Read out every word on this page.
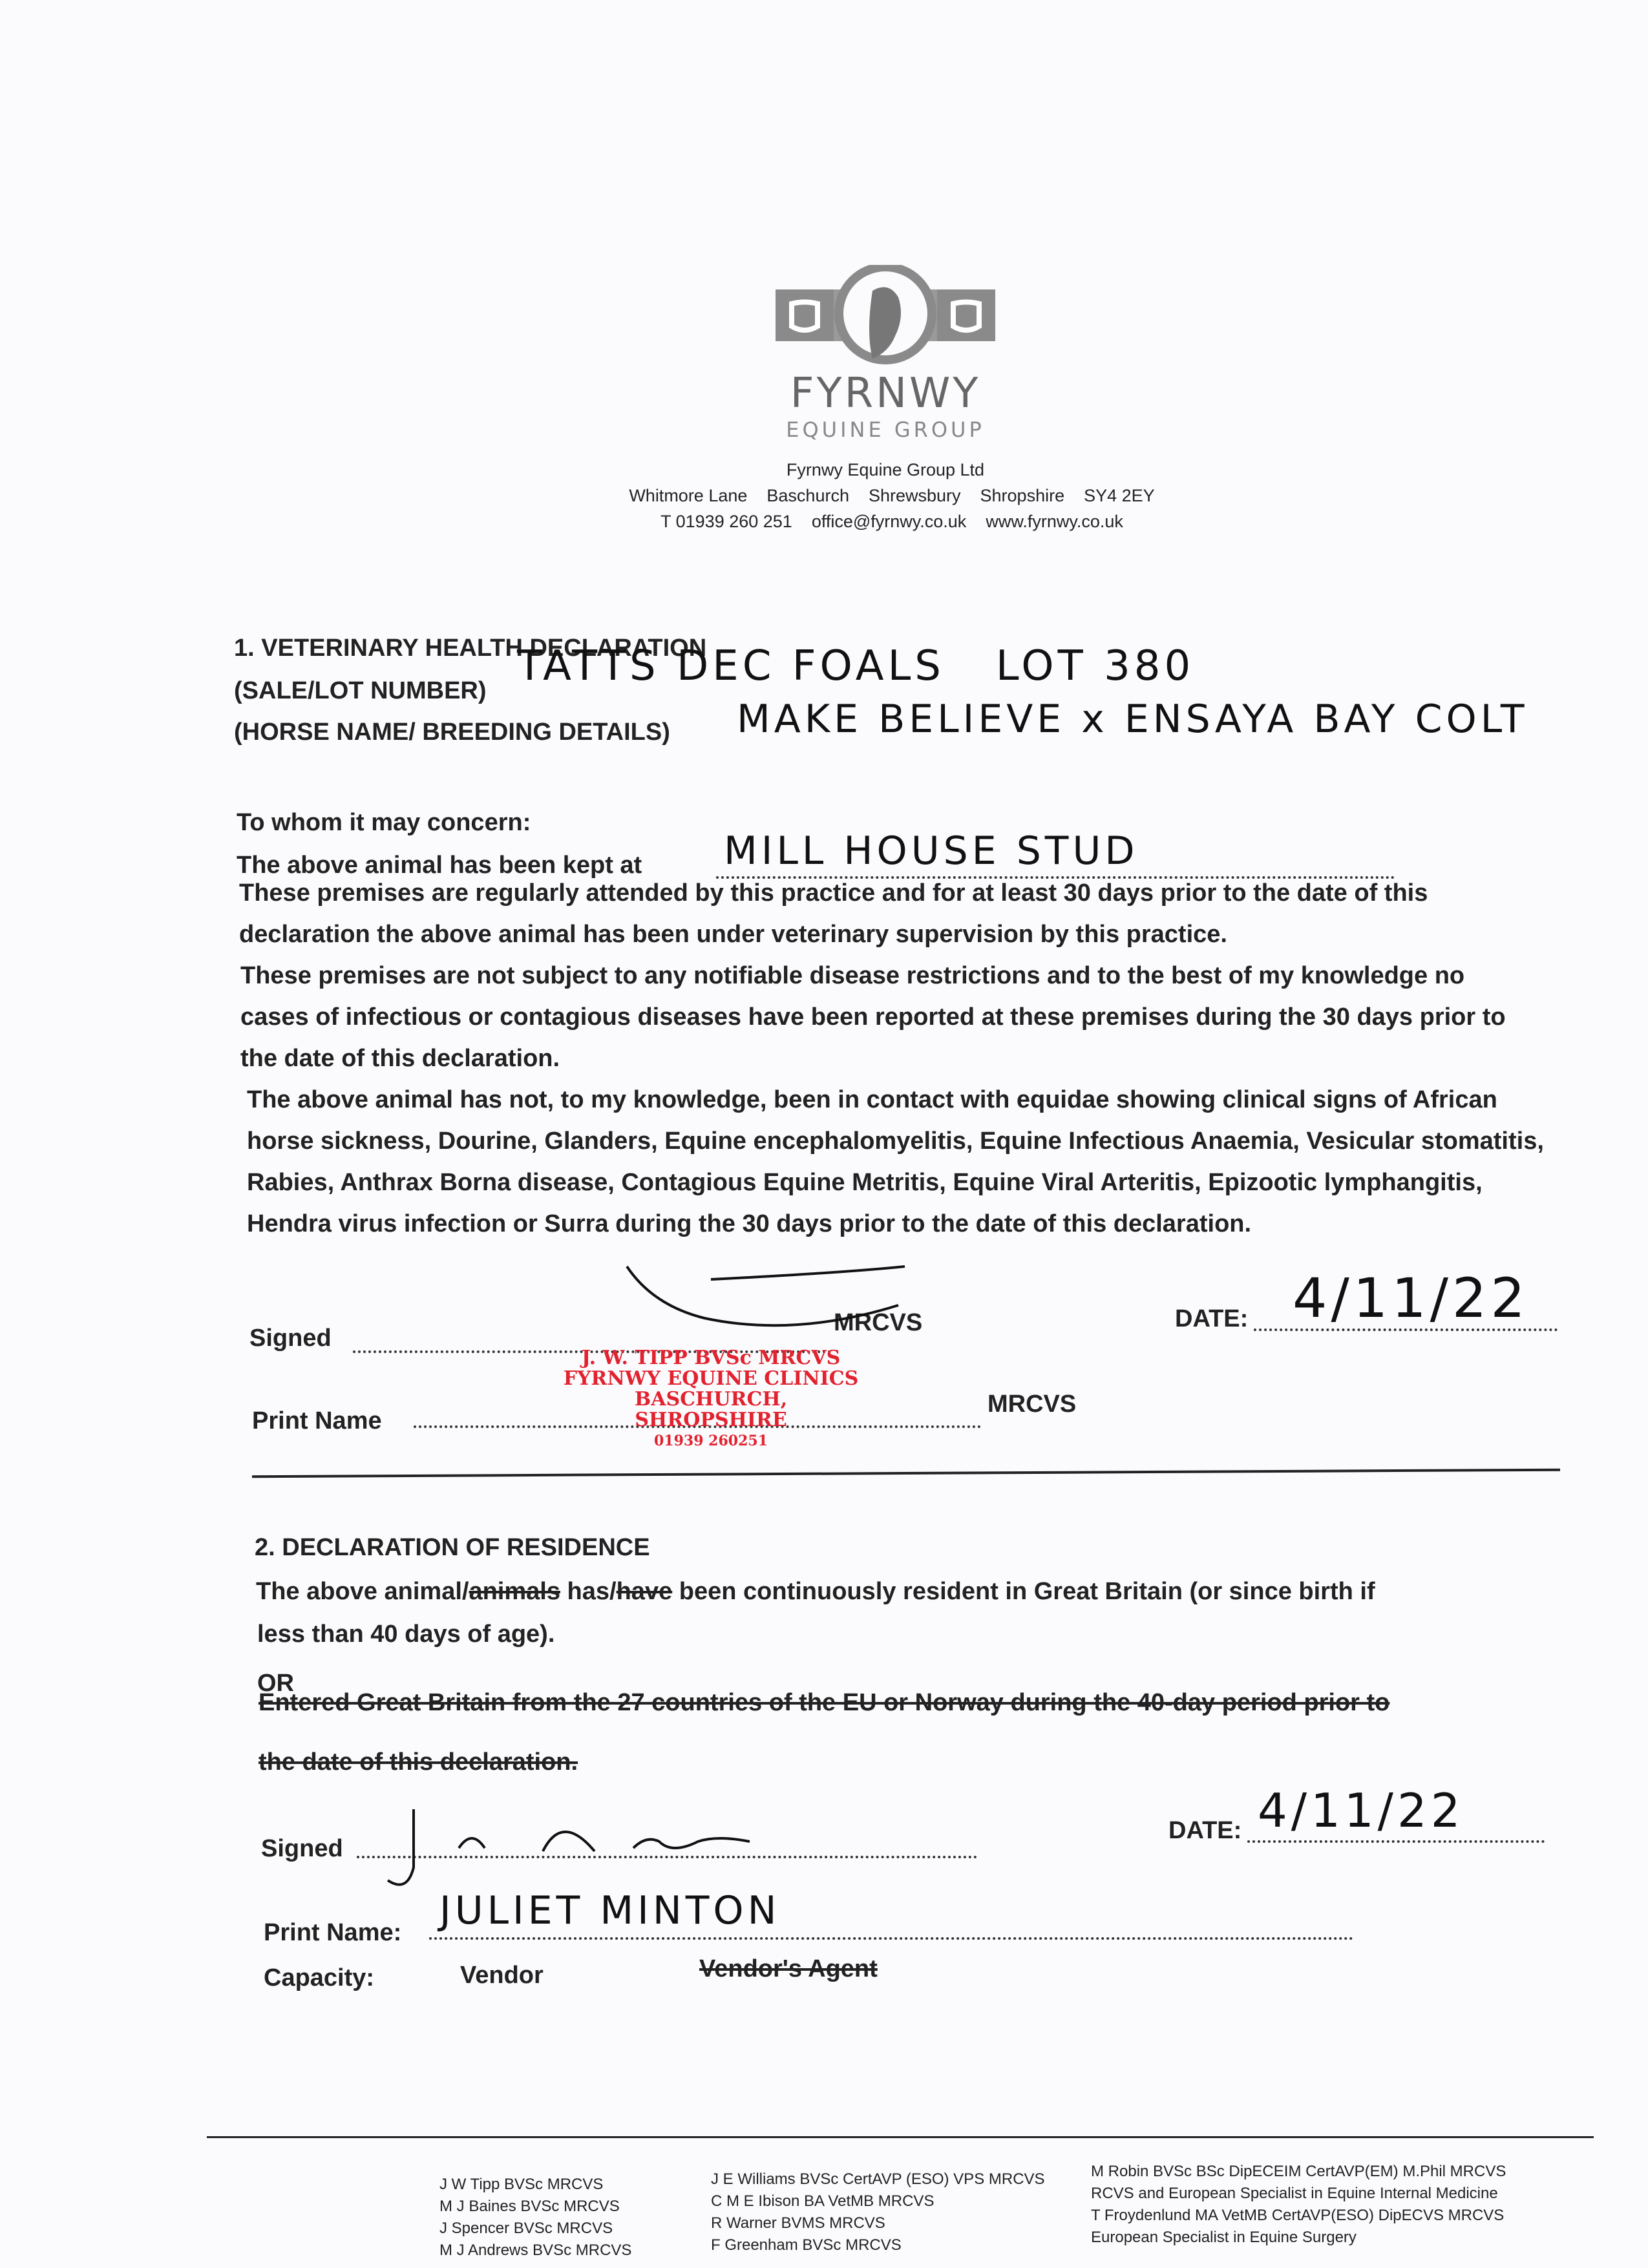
FYRNWY
EQUINE GROUP
Fyrnwy Equine Group Ltd
Whitmore Lane    Baschurch    Shrewsbury    Shropshire    SY4 2EY
T 01939 260 251    office@fyrnwy.co.uk    www.fyrnwy.co.uk
1. VETERINARY HEALTH DECLARATION
(SALE/LOT NUMBER)
TATTS DEC FOALS   LOT 380
(HORSE NAME/ BREEDING DETAILS) MAKE BELIEVE x ENSAYA BAY COLT
To whom it may concern:
The above animal has been kept at MILL HOUSE STUD
These premises are regularly attended by this practice and for at least 30 days prior to the date of this declaration the above animal has been under veterinary supervision by this practice.
These premises are not subject to any notifiable disease restrictions and to the best of my knowledge no cases of infectious or contagious diseases have been reported at these premises during the 30 days prior to the date of this declaration.
The above animal has not, to my knowledge, been in contact with equidae showing clinical signs of African horse sickness, Dourine, Glanders, Equine encephalomyelitis, Equine Infectious Anaemia, Vesicular stomatitis, Rabies, Anthrax Borna disease, Contagious Equine Metritis, Equine Viral Arteritis, Epizootic lymphangitis, Hendra virus infection or Surra during the 30 days prior to the date of this declaration.
Signed
MRCVS	DATE: 4/11/22
Print Name
MRCVS
J. W. TIPP BVSc MRCVS
FYRNWY EQUINE CLINICS
BASCHURCH, SHROPSHIRE
01939 260251
2. DECLARATION OF RESIDENCE
The above animal/animals has/have been continuously resident in Great Britain (or since birth if
less than 40 days of age).
OR
Entered Great Britain from the 27 countries of the EU or Norway during the 40-day period prior to
the date of this declaration.
Signed
DATE: 4/11/22
Print Name: JULIET MINTON
Capacity:	Vendor	Vendor's Agent
J W Tipp BVSc MRCVS
M J Baines BVSc MRCVS
J Spencer BVSc MRCVS
M J Andrews BVSc MRCVS
J E Williams BVSc CertAVP (ESO) VPS MRCVS
C M E Ibison BA VetMB MRCVS
R Warner BVMS MRCVS
F Greenham BVSc MRCVS
M Robin BVSc BSc DipECEIM CertAVP(EM) M.Phil MRCVS
RCVS and European Specialist in Equine Internal Medicine
T Froydenlund MA VetMB CertAVP(ESO) DipECVS MRCVS
European Specialist in Equine Surgery
